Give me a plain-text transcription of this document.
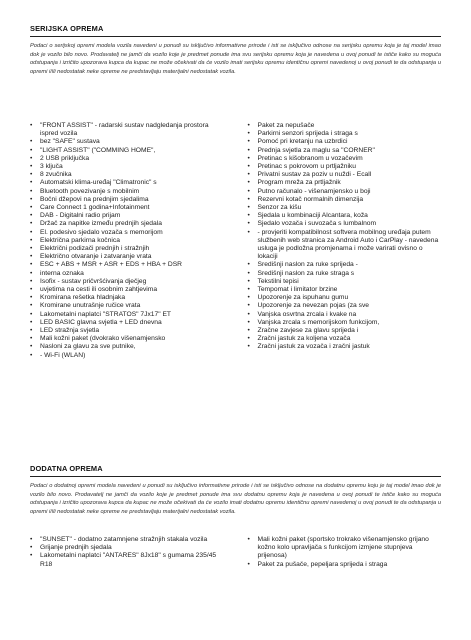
SERIJSKA OPREMA
Podaci o serijskoj opremi modela vozila navedeni u ponudi su isključivo informativne prirode i isti se isključivo odnose na serijsku opremu koja je taj model imao dok je vozilo bilo novo. Prodavatelj ne jamči da vozilo koje je predmet ponude ima svu serijsku opremu koja je navedena u ovoj ponudi te ističe kako su moguća odstupanja i izričito upozorava kupca da kupac ne može očekivati da će vozilo imati serijsku opremu identičnu opremi navedenoj u ovoj ponudi te da odstupanja u opremi i/ili nedostatak neke opreme ne predstavljaju materijalni nedostatak vozila.
•	"FRONT ASSIST" - radarski sustav nadgledanja prostora ispred vozila
•	bez "SAFE" sustava
•	"LIGHT ASSIST" ("COMMING HOME",
•	2 USB priključka
•	3 ključa
•	8 zvučnika
•	Automatski klima-uređaj "Climatronic" s
•	Bluetooth povezivanje s mobilnim
•	Bočni džepovi na prednjim sjedalima
•	Care Connect 1 godina+Infotainment
•	DAB - Digitalni radio prijam
•	Držač za napitke između prednjih sjedala
•	El. podesivo sjedalo vozača s memorijom
•	Električna parkirna kočnica
•	Električni podizači prednjih i stražnjih
•	Električno otvaranje i zatvaranje vrata
•	ESC + ABS + MSR + ASR + EDS + HBA + DSR
•	interna oznaka
•	Isofix - sustav pričvršćivanja dječjeg
•	uvjetima na cesti ili osobnim zahtjevima
•	Kromirana rešetka hladnjaka
•	Kromirane unutrašnje ručice vrata
•	Lakometalni naplatci "STRATOS" 7Jx17" ET
•	LED BASIC glavna svjetla + LED dnevna
•	LED stražnja svjetla
•	Mali kožni paket (dvokrako višenamjensko
•	Nasloni za glavu za sve putnike,
•	- Wi-Fi (WLAN)
•	Paket za nepušače
•	Parkirni senzori sprijeda i straga s
•	Pomoć pri kretanju na uzbrdici
•	Prednja svjetla za maglu sa "CORNER"
•	Pretinac s kišobranom u vozačevim
•	Pretinac s pokrovom u prtljažniku
•	Privatni sustav za poziv u nuždi - Ecall
•	Program mreža za prtljažnik
•	Putno računalo - višenamjensko u boji
•	Rezervni kotač normalnih dimenzija
•	Senzor za kišu
•	Sjedala u kombinaciji Alcantara, koža
•	Sjedalo vozača i suvozača s lumbalnom
•	- provjeriti kompatibilnost softvera mobilnog uređaja putem službenih web stranica za Android Auto i CarPlay - navedena usluga je podložna promjenama i može varirati ovisno o lokaciji
•	Središnji naslon za ruke sprijeda -
•	Središnji naslon za ruke straga s
•	Tekstilni tepisi
•	Tempomat i limitator brzine
•	Upozorenje za ispuhanu gumu
•	Upozorenje za nevezan pojas (za sve
•	Vanjska osvrtna zrcala i kvake na
•	Vanjska zrcala s memorijskom funkcijom,
•	Zračne zavjese za glavu sprijeda i
•	Zračni jastuk za koljena vozača
•	Zračni jastuk za vozača i zračni jastuk
DODATNA OPREMA
Podaci o dodatnoj opremi modela navedeni u ponudi su isključivo informativne prirode i isti se isključivo odnose na dodatnu opremu koju je taj model imao dok je vozilo bilo novo. Prodavatelj ne jamči da vozilo koje je predmet ponude ima svu dodatnu opremu koja je navedena u ovoj ponudi te ističe kako su moguća odstupanja i izričito upozorava kupca da kupac ne može očekivati da će vozilo imati dodatnu opremu identičnu opremi navedenoj u ovoj ponudi te da odstupanja u opremi i/ili nedostatak neke opreme ne predstavljaju materijalni nedostatak vozila.
•	"SUNSET" - dodatno zatamnjene stražnjih stakala vozila
•	Grijanje prednjih sjedala
•	Lakometalni naplatci "ANTARES" 8Jx18" s gumama 235/45 R18
•	Mali kožni paket (sportsko trokrako višenamjensko grijano kožno kolo upravljača s funkcijom izmjene stupnjeva prijenosa)
•	Paket za pušače, pepeljara sprijeda i straga
